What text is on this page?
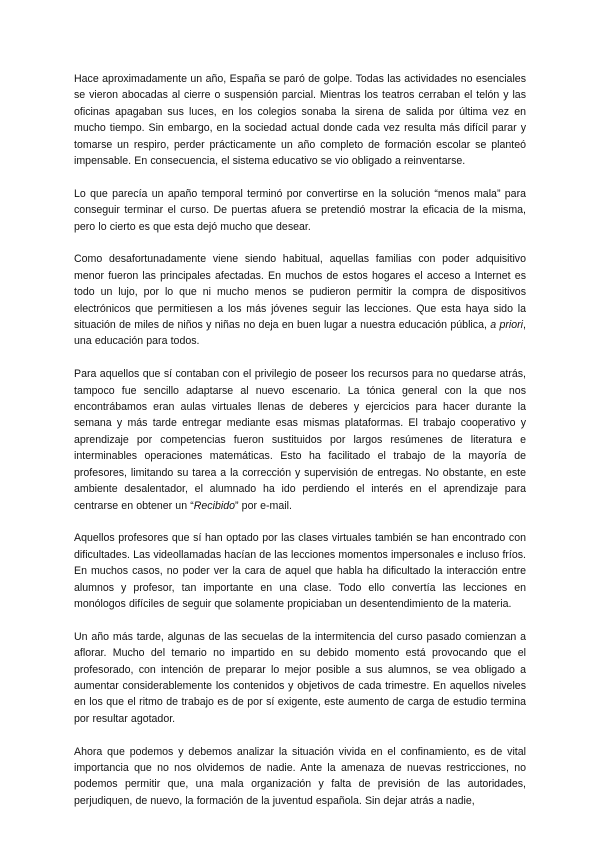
Hace aproximadamente un año, España se paró de golpe. Todas las actividades no esenciales se vieron abocadas al cierre o suspensión parcial. Mientras los teatros cerraban el telón y las oficinas apagaban sus luces, en los colegios sonaba la sirena de salida por última vez en mucho tiempo. Sin embargo, en la sociedad actual donde cada vez resulta más difícil parar y tomarse un respiro, perder prácticamente un año completo de formación escolar se planteó impensable. En consecuencia, el sistema educativo se vio obligado a reinventarse.

Lo que parecía un apaño temporal terminó por convertirse en la solución “menos mala” para conseguir terminar el curso. De puertas afuera se pretendió mostrar la eficacia de la misma, pero lo cierto es que esta dejó mucho que desear.

Como desafortunadamente viene siendo habitual, aquellas familias con poder adquisitivo menor fueron las principales afectadas. En muchos de estos hogares el acceso a Internet es todo un lujo, por lo que ni mucho menos se pudieron permitir la compra de dispositivos electrónicos que permitiesen a los más jóvenes seguir las lecciones. Que esta haya sido la situación de miles de niños y niñas no deja en buen lugar a nuestra educación pública, a priori, una educación para todos.

Para aquellos que sí contaban con el privilegio de poseer los recursos para no quedarse atrás, tampoco fue sencillo adaptarse al nuevo escenario. La tónica general con la que nos encontrábamos eran aulas virtuales llenas de deberes y ejercicios para hacer durante la semana y más tarde entregar mediante esas mismas plataformas. El trabajo cooperativo y aprendizaje por competencias fueron sustituidos por largos resúmenes de literatura e interminables operaciones matemáticas. Esto ha facilitado el trabajo de la mayoría de profesores, limitando su tarea a la corrección y supervisión de entregas. No obstante, en este ambiente desalentador, el alumnado ha ido perdiendo el interés en el aprendizaje para centrarse en obtener un “Recibido” por e-mail.

Aquellos profesores que sí han optado por las clases virtuales también se han encontrado con dificultades. Las videollamadas hacían de las lecciones momentos impersonales e incluso fríos. En muchos casos, no poder ver la cara de aquel que habla ha dificultado la interacción entre alumnos y profesor, tan importante en una clase. Todo ello convertía las lecciones en monólogos difíciles de seguir que solamente propiciaban un desentendimiento de la materia.

Un año más tarde, algunas de las secuelas de la intermitencia del curso pasado comienzan a aflorar. Mucho del temario no impartido en su debido momento está provocando que el profesorado, con intención de preparar lo mejor posible a sus alumnos, se vea obligado a aumentar considerablemente los contenidos y objetivos de cada trimestre. En aquellos niveles en los que el ritmo de trabajo es de por sí exigente, este aumento de carga de estudio termina por resultar agotador.

Ahora que podemos y debemos analizar la situación vivida en el confinamiento, es de vital importancia que no nos olvidemos de nadie. Ante la amenaza de nuevas restricciones, no podemos permitir que, una mala organización y falta de previsión de las autoridades, perjudiquen, de nuevo, la formación de la juventud española. Sin dejar atrás a nadie,
